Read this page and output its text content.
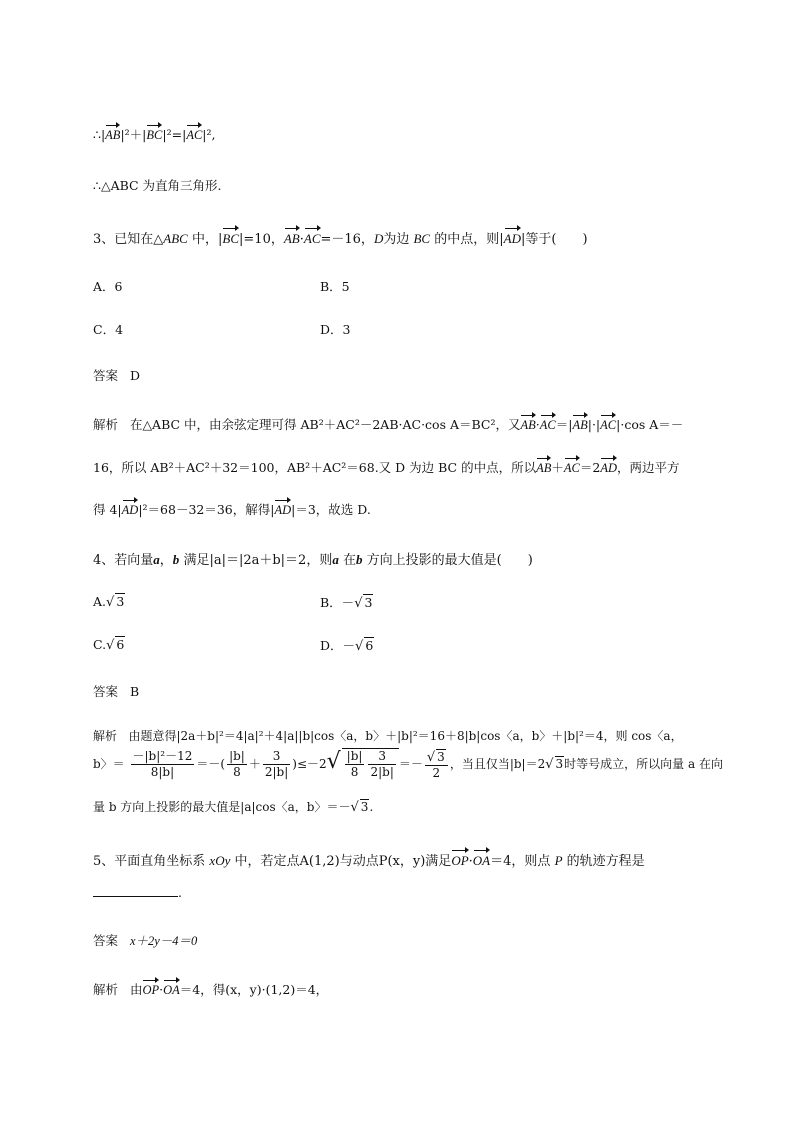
∴|AB|²＋|BC|²=|AC|²,
∴△ABC 为直角三角形.
3、已知在△ABC 中，|BC|=10，AB·AC=－16，D为边 BC 的中点，则|AD|等于(　　)
A．6	B．5
C．4	D．3
答案 D
解析 在△ABC 中，由余弦定理可得 AB²＋AC²－2AB·AC·cos A＝BC²，又AB·AC＝|AB|·|AC|·cos A＝－
16，所以 AB²＋AC²＋32＝100，AB²＋AC²＝68.又 D 为边 BC 的中点，所以AB＋AC＝2AD，两边平方
得 4|AD|²＝68－32＝36，解得|AD|＝3，故选 D.
4、若向量a，b 满足|a|＝|2a＋b|＝2，则a 在b 方向上投影的最大值是(　　)
A.√ 3	B．－√ 3
C.√ 6	D．－√ 6
答案 B
解析 由题意得|2a＋b|²＝4|a|²＋4|a||b|cos〈a，b〉＋|b|²＝16＋8|b|cos〈a，b〉＋|b|²＝4，则 cos〈a，
b〉＝ $\frac{\text{－|b|²－12}}{8|b|}$ ＝－( $\frac{|b|}{8} + \frac{3}{2|b|} )\le-2√ \frac{|b|}{8} \frac{3}{2|b|} =- \frac{√ 3}{2}$ ，当且仅当|b|＝2√ 3时等号成立，所以向量 a 在向
量 b 方向上投影的最大值是|a|cos〈a，b〉＝－√ 3.
5、平面直角坐标系 xOy 中，若定点A(1,2)与动点P(x，y)满足OP·OA＝4，则点 P 的轨迹方程是
.
答案 x＋2y－4＝0
解析 由OP·OA＝4，得(x，y)·(1,2)＝4，
